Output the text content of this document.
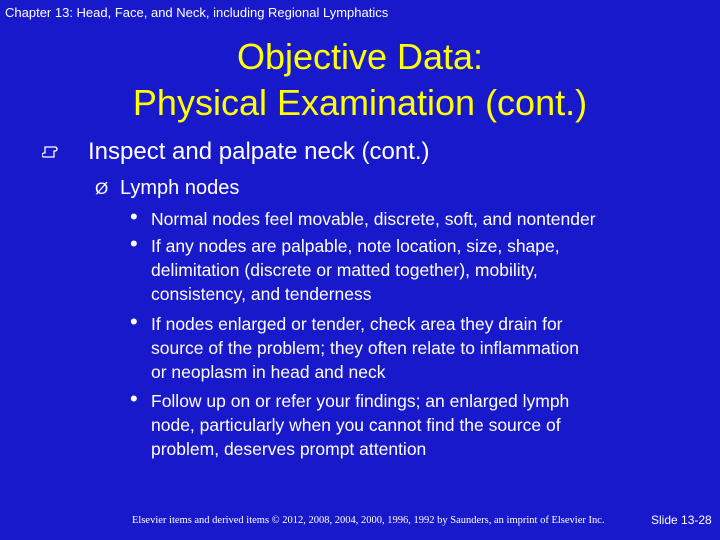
Chapter 13: Head, Face, and Neck, including Regional Lymphatics
Objective Data:
Physical Examination (cont.)
Inspect and palpate neck (cont.)
Ø Lymph nodes
• Normal nodes feel movable, discrete, soft, and nontender
• If any nodes are palpable, note location, size, shape,
delimitation (discrete or matted together), mobility,
consistency, and tenderness
• If nodes enlarged or tender, check area they drain for
source of the problem; they often relate to inflammation
or neoplasm in head and neck
• Follow up on or refer your findings; an enlarged lymph
node, particularly when you cannot find the source of
problem, deserves prompt attention
Elsevier items and derived items © 2012, 2008, 2004, 2000, 1996, 1992 by Saunders, an imprint of Elsevier Inc.	Slide 13-28
